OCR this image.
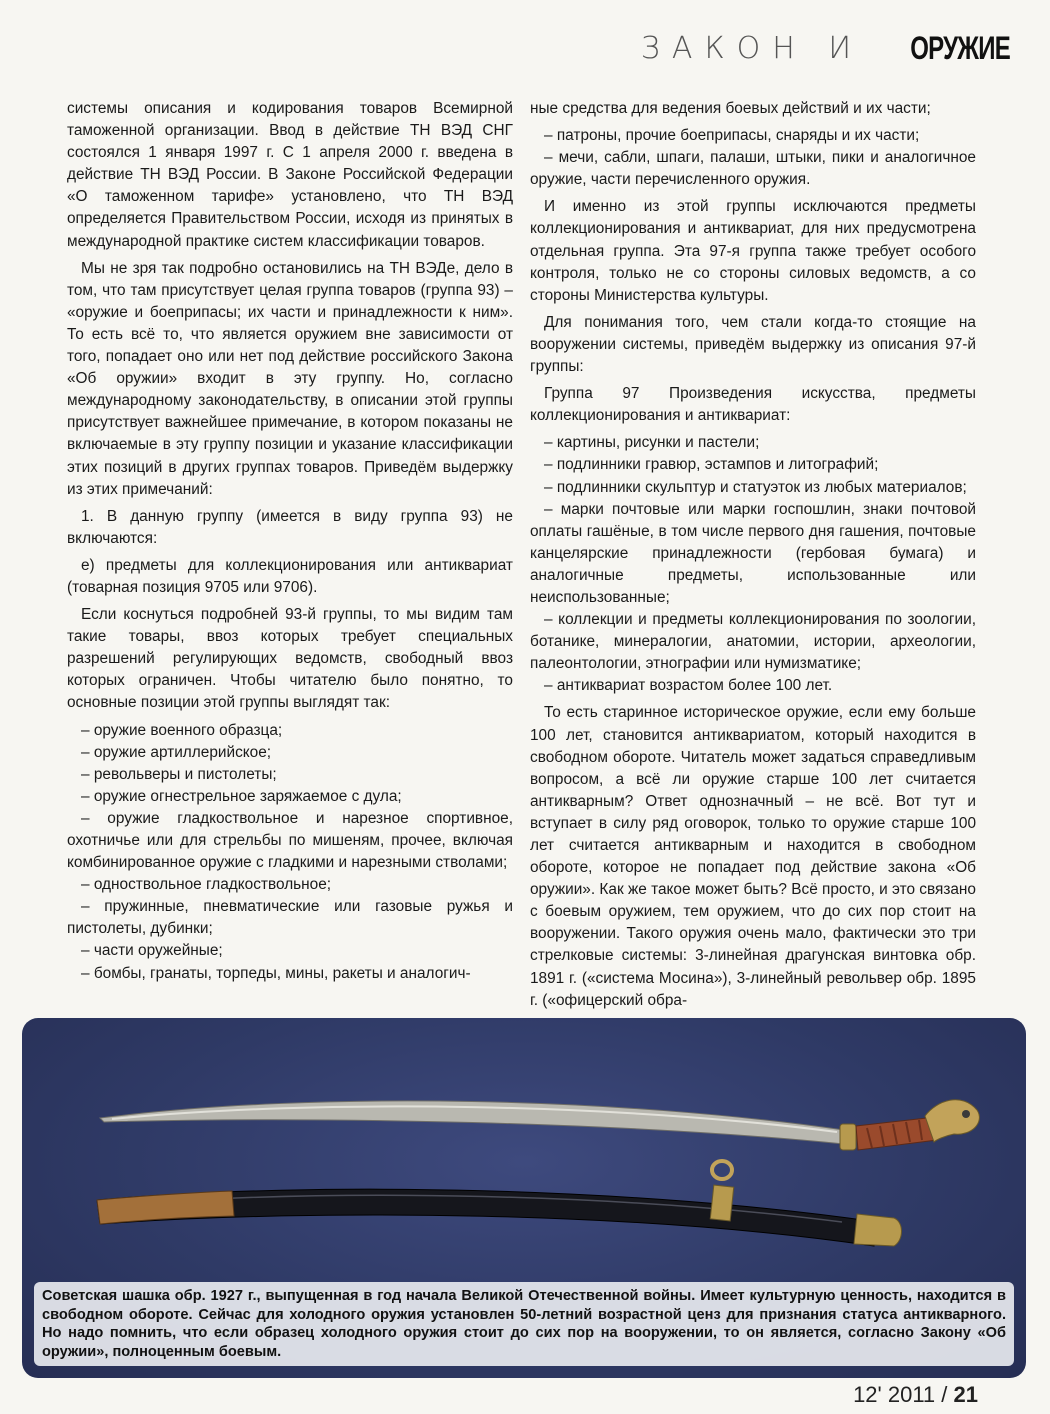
ЗАКОН И ОРУЖИЕ

системы описания и кодирования товаров Всемирной таможенной организации. Ввод в действие ТН ВЭД СНГ состоялся 1 января 1997 г. С 1 апреля 2000 г. введена в действие ТН ВЭД России. В Законе Российской Федерации «О таможенном тарифе» установлено, что ТН ВЭД определяется Правительством России, исходя из принятых в международной практике систем классификации товаров.

Мы не зря так подробно остановились на ТН ВЭДе, дело в том, что там присутствует целая группа товаров (группа 93) – «оружие и боеприпасы; их части и принадлежности к ним». То есть всё то, что является оружием вне зависимости от того, попадает оно или нет под действие российского Закона «Об оружии» входит в эту группу. Но, согласно международному законодательству, в описании этой группы присутствует важнейшее примечание, в котором показаны не включаемые в эту группу позиции и указание классификации этих позиций в других группах товаров. Приведём выдержку из этих примечаний:

1. В данную группу (имеется в виду группа 93) не включаются:

е) предметы для коллекционирования или антиквариат (товарная позиция 9705 или 9706).

Если коснуться подробней 93-й группы, то мы видим там такие товары, ввоз которых требует специальных разрешений регулирующих ведомств, свободный ввоз которых ограничен. Чтобы читателю было понятно, то основные позиции этой группы выглядят так:

– оружие военного образца;

– оружие артиллерийское;

– револьверы и пистолеты;

– оружие огнестрельное заряжаемое с дула;

– оружие гладкоствольное и нарезное спортивное, охотничье или для стрельбы по мишеням, прочее, включая комбинированное оружие с гладкими и нарезными стволами;

– одноствольное гладкоствольное;

– пружинные, пневматические или газовые ружья и пистолеты, дубинки;

– части оружейные;

– бомбы, гранаты, торпеды, мины, ракеты и аналогич-

ные средства для ведения боевых действий и их части;

– патроны, прочие боеприпасы, снаряды и их части;

– мечи, сабли, шпаги, палаши, штыки, пики и аналогичное оружие, части перечисленного оружия.

И именно из этой группы исключаются предметы коллекционирования и антиквариат, для них предусмотрена отдельная группа. Эта 97-я группа также требует особого контроля, только не со стороны силовых ведомств, а со стороны Министерства культуры.

Для понимания того, чем стали когда-то стоящие на вооружении системы, приведём выдержку из описания 97-й группы:

Группа 97 Произведения искусства, предметы коллекционирования и антиквариат:

– картины, рисунки и пастели;

– подлинники гравюр, эстампов и литографий;

– подлинники скульптур и статуэток из любых материалов;

– марки почтовые или марки госпошлин, знаки почтовой оплаты гашёные, в том числе первого дня гашения, почтовые канцелярские принадлежности (гербовая бумага) и аналогичные предметы, использованные или неиспользованные;

– коллекции и предметы коллекционирования по зоологии, ботанике, минералогии, анатомии, истории, археологии, палеонтологии, этнографии или нумизматике;

– антиквариат возрастом более 100 лет.

То есть старинное историческое оружие, если ему больше 100 лет, становится антиквариатом, который находится в свободном обороте. Читатель может задаться справедливым вопросом, а всё ли оружие старше 100 лет считается антикварным? Ответ однозначный – не всё. Вот тут и вступает в силу ряд оговорок, только то оружие старше 100 лет считается антикварным и находится в свободном обороте, которое не попадает под действие закона «Об оружии». Как же такое может быть? Всё просто, и это связано с боевым оружием, тем оружием, что до сих пор стоит на вооружении. Такого оружия очень мало, фактически это три стрелковые системы: 3-линейная драгунская винтовка обр. 1891 г. («система Мосина»), 3-линейный револьвер обр. 1895 г. («офицерский обра-

Советская шашка обр. 1927 г., выпущенная в год начала Великой Отечественной войны. Имеет культурную ценность, находится в свободном обороте. Сейчас для холодного оружия установлен 50-летний возрастной ценз для признания статуса антикварного. Но надо помнить, что если образец холодного оружия стоит до сих пор на вооружении, то он является, согласно Закону «Об оружии», полноценным боевым.
12' 2011 / 21
